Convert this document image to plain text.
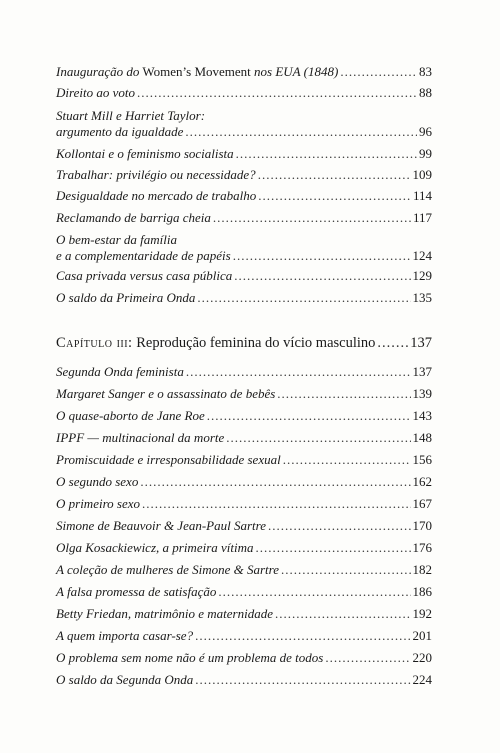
Inauguração do Women’s Movement nos EUA (1848) .....	83
Direito ao voto .....	88
Stuart Mill e Harriet Taylor:
argumento da igualdade .....	96
Kollontai e o feminismo socialista .....	99
Trabalhar: privilégio ou necessidade? .....	109
Desigualdade no mercado de trabalho .....	114
Reclamando de barriga cheia .....	117
O bem-estar da família
e a complementaridade de papéis .....	124
Casa privada versus casa pública .....	129
O saldo da Primeira Onda .....	135
Capítulo iii: Reprodução feminina do vício masculino ..... 137
Segunda Onda feminista .....	137
Margaret Sanger e o assassinato de bebês .....	139
O quase-aborto de Jane Roe .....	143
IPPF — multinacional da morte .....	148
Promiscuidade e irresponsabilidade sexual .....	156
O segundo sexo .....	162
O primeiro sexo .....	167
Simone de Beauvoir & Jean-Paul Sartre .....	170
Olga Kosackiewicz, a primeira vítima .....	176
A coleção de mulheres de Simone & Sartre .....	182
A falsa promessa de satisfação .....	186
Betty Friedan, matrimônio e maternidade .....	192
A quem importa casar-se? .....	201
O problema sem nome não é um problema de todos .....	220
O saldo da Segunda Onda .....	224
